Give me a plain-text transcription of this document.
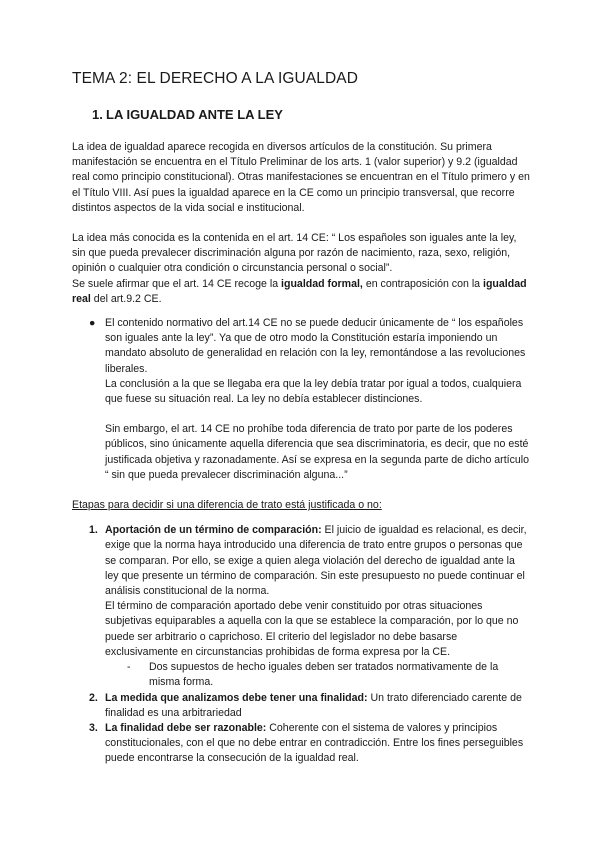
TEMA 2: EL DERECHO A LA IGUALDAD
1. LA IGUALDAD ANTE LA LEY

La idea de igualdad aparece recogida en diversos artículos de la constitución. Su primera manifestación se encuentra en el Título Preliminar de los arts. 1 (valor superior) y 9.2 (igualdad real como principio constitucional). Otras manifestaciones se encuentran en el Título primero y en el Título VIII. Así pues la igualdad aparece en la CE como un principio transversal, que recorre distintos aspectos de la vida social e institucional.

La idea más conocida es la contenida en el art. 14 CE: “ Los españoles son iguales ante la ley, sin que pueda prevalecer discriminación alguna por razón de nacimiento, raza, sexo, religión, opinión o cualquier otra condición o circunstancia personal o social”.
Se suele afirmar que el art. 14 CE recoge la igualdad formal, en contraposición con la igualdad real del art.9.2 CE.

● El contenido normativo del art.14 CE no se puede deducir únicamente de “ los españoles son iguales ante la ley”. Ya que de otro modo la Constitución estaría imponiendo un mandato absoluto de generalidad en relación con la ley, remontándose a las revoluciones liberales.

La conclusión a la que se llegaba era que la ley debía tratar por igual a todos, cualquiera que fuese su situación real. La ley no debía establecer distinciones.

Sin embargo, el art. 14 CE no prohíbe toda diferencia de trato por parte de los poderes públicos, sino únicamente aquella diferencia que sea discriminatoria, es decir, que no esté justificada objetiva y razonadamente. Así se expresa en la segunda parte de dicho artículo “ sin que pueda prevalecer discriminación alguna...”

Etapas para decidir si una diferencia de trato está justificada o no:

1. Aportación de un término de comparación: El juicio de igualdad es relacional, es decir, exige que la norma haya introducido una diferencia de trato entre grupos o personas que se comparan. Por ello, se exige a quien alega violación del derecho de igualdad ante la ley que presente un término de comparación. Sin este presupuesto no puede continuar el análisis constitucional de la norma.

El término de comparación aportado debe venir constituido por otras situaciones subjetivas equiparables a aquella con la que se establece la comparación, por lo que no puede ser arbitrario o caprichoso. El criterio del legislador no debe basarse exclusivamente en circunstancias prohibidas de forma expresa por la CE.

-	Dos supuestos de hecho iguales deben ser tratados normativamente de la misma forma.

2. La medida que analizamos debe tener una finalidad: Un trato diferenciado carente de finalidad es una arbitrariedad

3. La finalidad debe ser razonable: Coherente con el sistema de valores y principios constitucionales, con el que no debe entrar en contradicción. Entre los fines perseguibles puede encontrarse la consecución de la igualdad real.
